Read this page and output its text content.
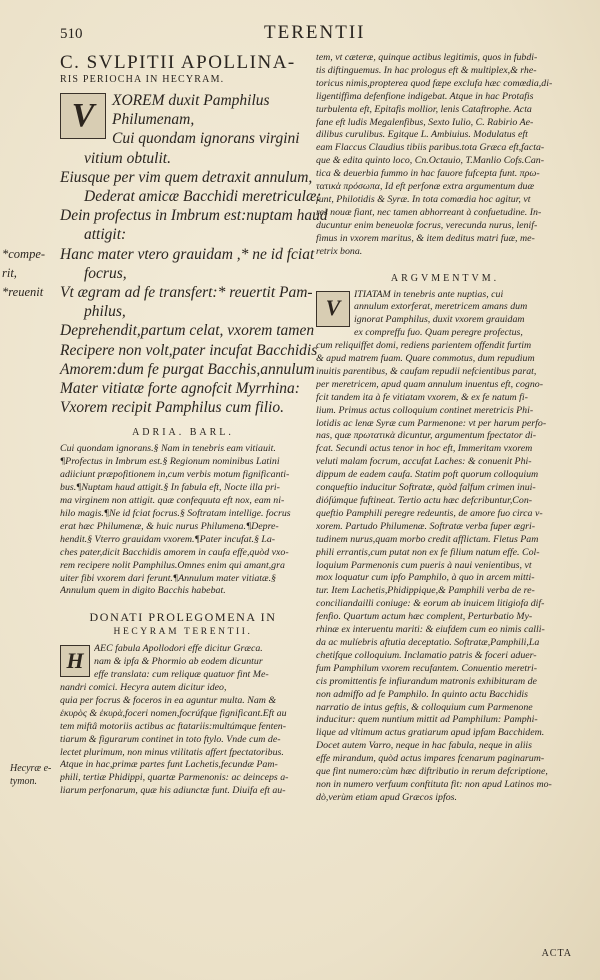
510	TERENTII
C. SVLPITII APOLLINA-
RIS PERIOCHA IN HECYRAM.
V	XOREM duxit Pamphilus
Philumenam,
Cui quondam ignorans virgini
vitium obtulit.
Eiusque per vim quem detraxit annulum,
Dederat amicæ Bacchidi meretriculæ:
Dein profectus in Imbrum est:nuptam haud
attigit:
*compe- Hanc mater vtero grauidam ,* ne id fciat
rit,	focrus,
*reuenit Vt ægram ad fe transfert:* reuertit Pam-
philus,
Deprehendit,partum celat, vxorem tamen
Recipere non volt,pater incufat Bacchidis
Amorem:dum fe purgat Bacchis,annulum
Mater vitiatæ forte agnofcit Myrrhina:
Vxorem recipit Pamphilus cum filio.
ADRIA. BARL.
Cui quondam ignorans.§ Nam in tenebris eam vitiauit.
¶Profectus in Imbrum est.§ Regionum nominibus Latini
adiiciunt præpofitionem in,cum verbis motum fignificanti-
bus.¶Nuptam haud attigit.§ In fabula eft, Nocte illa pri-
ma virginem non attigit. quæ confequuta eft nox, eam ni-
hilo magis.¶Ne id fciat focrus.§ Softratam intellige. focrus
erat hæc Philumenæ, & huic nurus Philumena.¶Depre-
hendit.§ Vterro grauidam vxorem.¶Pater incufat.§ La-
ches pater,dicit Bacchidis amorem in caufa effe,quòd vxo-
rem recipere nolit Pamphilus.Omnes enim qui amant,gra
uiter fibi vxorem dari ferunt.¶Annulum mater vitiatæ.§
Annulum quem in digito Bacchis habebat.
DONATI PROLEGOMENA IN
HECYRAM TERENTII.
H	AEC fabula Apollodori effe dicitur Græca.
nam & ipfa & Phormio ab eodem dicuntur
effe translata: cum reliquæ quatuor fint Me-
nandri comici. Hecyra autem dicitur ideo,
quia per focrus & foceros in ea aguntur multa. Nam &
ἑκυρὸς & ἑκυρὰ,foceri nomen,focrúfque fignificant.Eft au
tem miftâ motoriis actibus ac ftatariis:multúmque fenten-
tiarum & figurarum continet in toto ftylo. Vnde cum de-
lectet plurimum, non minus vtilitatis affert fpectatoribus.
Atque in hac,primæ partes funt Lachetis,fecundæ Pam-
phili, tertiæ Phidippi, quartæ Parmenonis: ac deinceps a-
liarum perfonarum, quæ his adiunctæ funt. Diuifa eft au-
Hecyræ e-
tymon.
tem, vt cæteræ, quinque actibus legitimis, quos in fubdi-
tis diftinguemus. In hac prologus eft & multiplex,& rhe-
toricus nimis,propterea quod fæpe exclufa hæc comœdia,di-
ligentiffima defenfione indigebat. Atque in hac Protafis
turbulenta eft, Epitafis mollior, lenis Cataftrophe. Acta
fane eft ludis Megalenfibus, Sexto Iulio, C. Rabirio Ae-
dilibus curulibus. Egitque L. Ambiuius. Modulatus eft
eam Flaccus Claudius tibiis paribus.tota Græca eft,facta-
que & edita quinto loco, Cn.Octauio, T.Manlio Cofs.Can-
tica & deuerbia fummo in hac fauore fufcepta funt. πρω-
τατικὰ πρόσωπα, Id eft perfonæ extra argumentum duæ
funt, Philotidis & Syræ. In tota comœdia hoc agitur, vt
res nouæ fiant, nec tamen abhorreant à confuetudine. In-
ducuntur enim beneuolæ focrus, verecunda nurus, lenif-
fimus in vxorem maritus, & item deditus matri fuæ, me-
retrix bona.
ARGVMENTVM.
V
ITIATAM in tenebris ante nuptias, cui
annulum extorferat, meretricem amans dum
ignorat Pamphilus, duxit vxorem grauidam
ex compreffu fuo. Quam peregre profectus,
cum reliquiffet domi, rediens parientem offendit furtim
& apud matrem fuam. Quare commotus, dum repudium
inuitis parentibus, & caufam repudii nefcientibus parat,
per meretricem, apud quam annulum inuentus eft, cogno-
fcit tandem ita à fe vitiatam vxorem, & ex fe natum fi-
lium. Primus actus colloquium continet meretricis Phi-
lotidis ac lenæ Syræ cum Parmenone: vt per harum perfo-
nas, quæ πρωτατικὰ dicuntur, argumentum fpectator di-
fcat. Secundi actus tenor in hoc eft, Immeritam vxorem
veluti malam focrum, accufat Laches: & conuenit Phi-
dippum de eadem caufa. Statim poft quorum colloquium
conqueftio inducitur Softratæ, quòd falfum crimen inui-
dióſúmque fuftineat. Tertio actu hæc defcribuntur,Con-
queftio Pamphili peregre redeuntis, de amore fuo circa v-
xorem. Partudo Philumenæ. Softratæ verba fuper ægri-
tudinem nurus,quam morbo credit afflictam. Fletus Pam
phili errantis,cum putat non ex fe filium natum effe. Col-
loquium Parmenonis cum pueris à naui venientibus, vt
mox loquatur cum ipfo Pamphilo, à quo in arcem mitti-
tur. Item Lachetis,Phidippique,& Pamphili verba de re-
conciliandailli coniuge: & eorum ab inuicem litigiofa dif-
fenfio. Quartum actum hæc complent, Perturbatio My-
rhinæ ex interuentu mariti: & eiufdem cum eo nimis calli-
da ac mulíebris aftutia deceptatio. Softratæ,Pamphili,La
chetifque colloquium. Inclamatio patris & foceri aduer-
fum Pamphilum vxorem recufantem. Conuentio meretri-
cis promittentis fe infiurandum matronis exhibituram de
non admiffo ad fe Pamphilo. In quinto actu Bacchidis
narratio de intus geftis, & colloquium cum Parmenone
inducitur: quem nuntium mittit ad Pamphilum: Pamphi-
lique ad vltimum actus gratiarum apud ipfam Bacchidem.
Docet autem Varro, neque in hac fabula, neque in aliis
effe mirandum, quòd actus impares fcenarum paginarum-
que fint numero:cùm hæc diftributio in rerum defcriptione,
non in numero verfuum conftituta fit: non apud Latinos mo-
dò,verùm etiam apud Græcos ipfos.
ACTA
